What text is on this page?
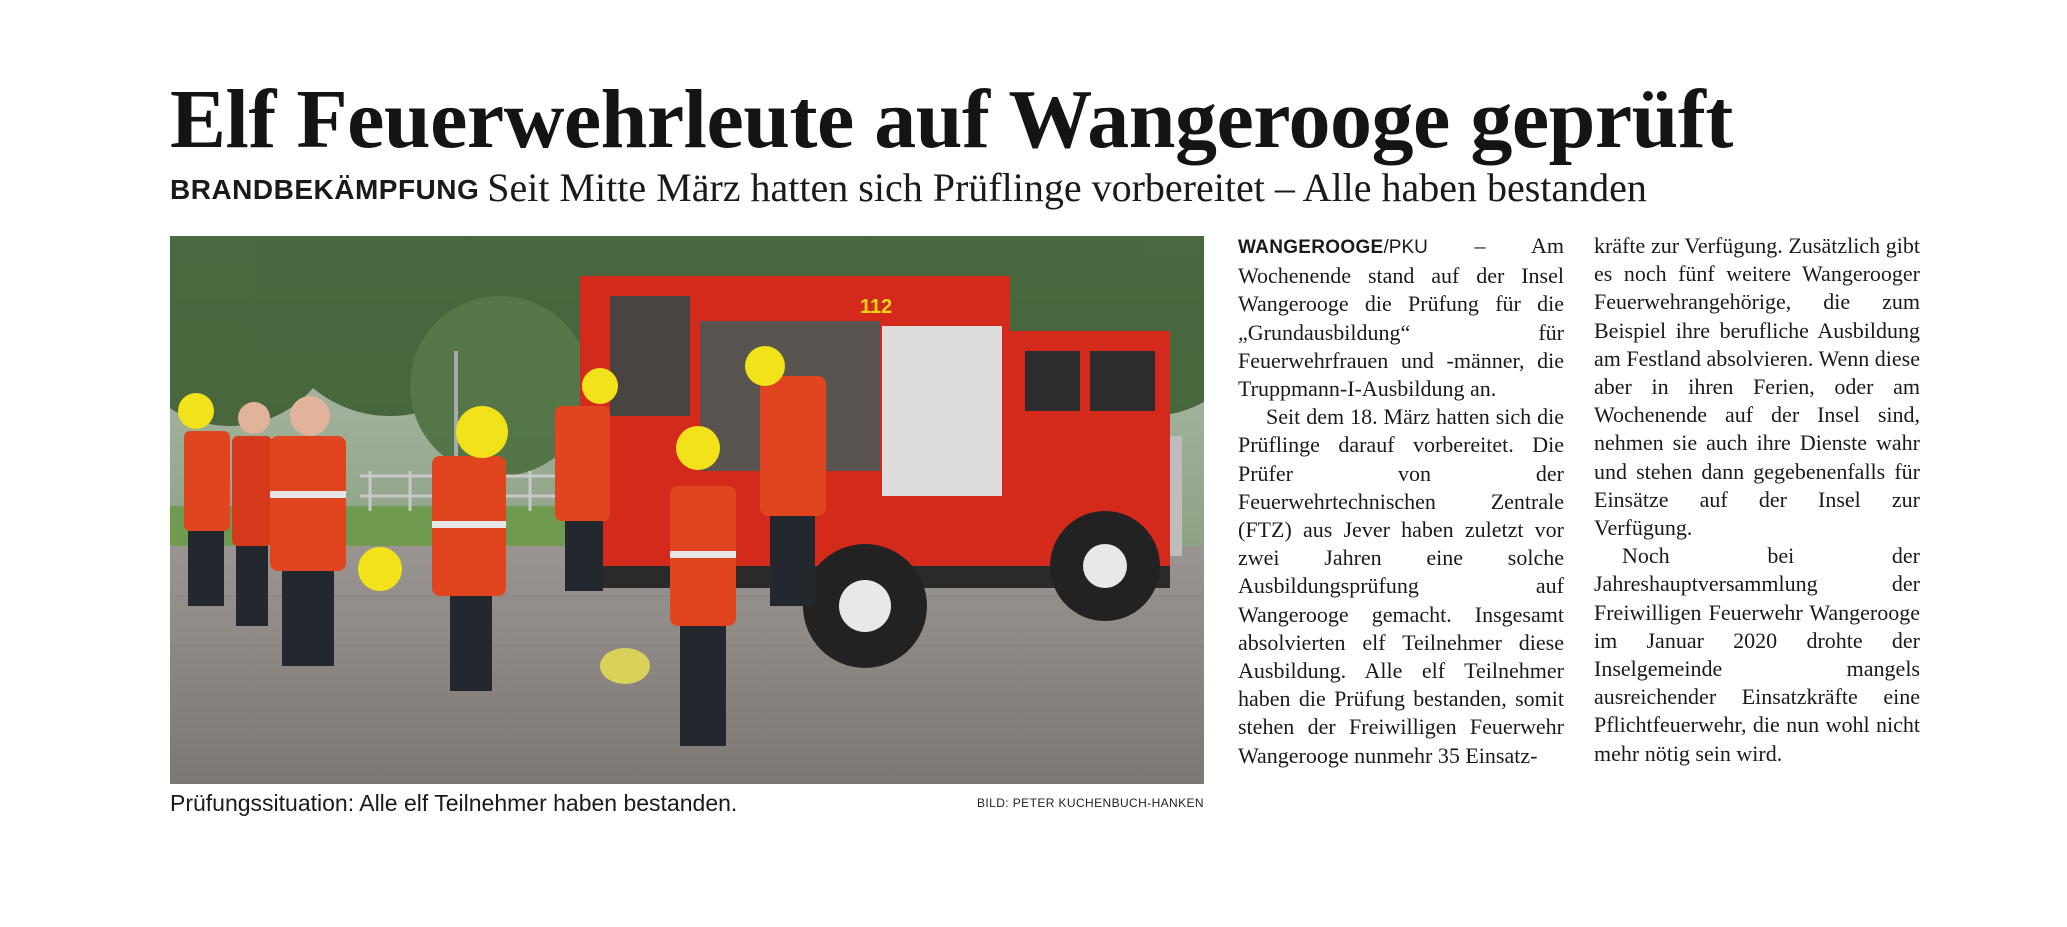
Elf Feuerwehrleute auf Wangerooge geprüft
BRANDBEKÄMPFUNG Seit Mitte März hatten sich Prüflinge vorbereitet – Alle haben bestanden
112
Prüfungssituation: Alle elf Teilnehmer haben bestanden.	BILD: PETER KUCHENBUCH-HANKEN

WANGEROOGE/PKU – Am Wochenende stand auf der Insel Wangerooge die Prüfung für die „Grundausbildung“ für Feuerwehrfrauen und -männer, die Truppmann-I-Ausbildung an.

Seit dem 18. März hatten sich die Prüflinge darauf vorbereitet. Die Prüfer von der Feuerwehrtechnischen Zentrale (FTZ) aus Jever haben zuletzt vor zwei Jahren eine solche Ausbildungsprüfung auf Wangerooge gemacht. Insgesamt absolvierten elf Teilnehmer diese Ausbildung. Alle elf Teilnehmer haben die Prüfung bestanden, somit stehen der Freiwilligen Feuerwehr Wangerooge nunmehr 35 Einsatz-

kräfte zur Verfügung. Zusätzlich gibt es noch fünf weitere Wangerooger Feuerwehrangehörige, die zum Beispiel ihre berufliche Ausbildung am Festland absolvieren. Wenn diese aber in ihren Ferien, oder am Wochenende auf der Insel sind, nehmen sie auch ihre Dienste wahr und stehen dann gegebenenfalls für Einsätze auf der Insel zur Verfügung.

Noch bei der Jahreshauptversammlung der Freiwilligen Feuerwehr Wangerooge im Januar 2020 drohte der Inselgemeinde mangels ausreichender Einsatzkräfte eine Pflichtfeuerwehr, die nun wohl nicht mehr nötig sein wird.
